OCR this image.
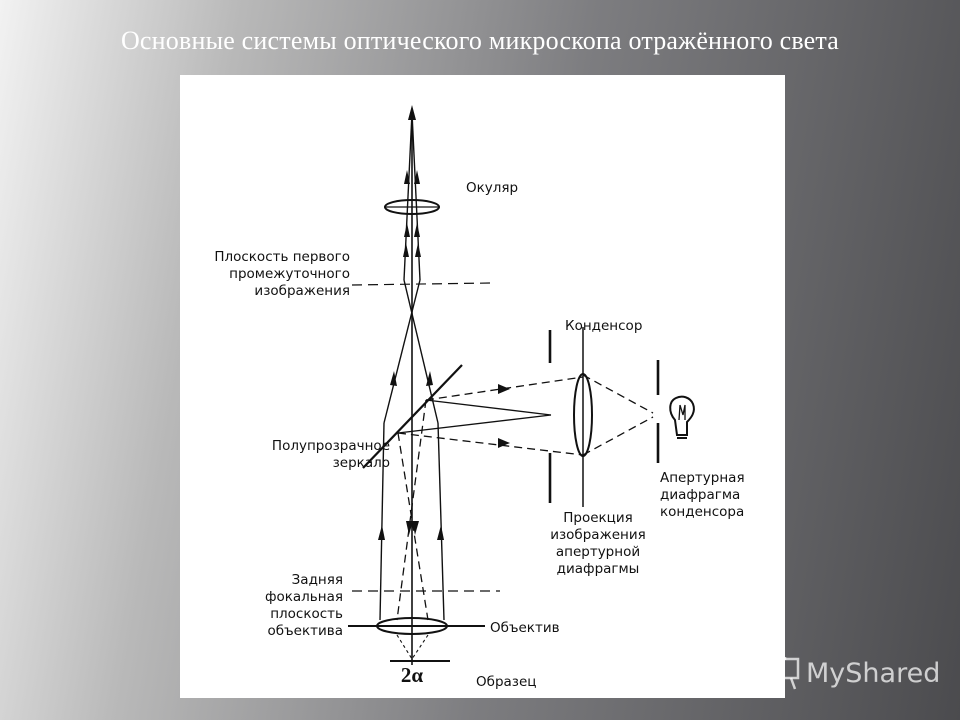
Основные системы оптического микроскопа отражённого света
Окуляр
Плоскость первого
промежуточного
изображения
Конденсор
Полупрозрачное
зеркало
Апертурная
диафрагма
конденсора
Проекция
изображения
апертурной
диафрагмы
Задняя
фокальная
плоскость
объектива	Объектив
2α	Образец	MyShared
